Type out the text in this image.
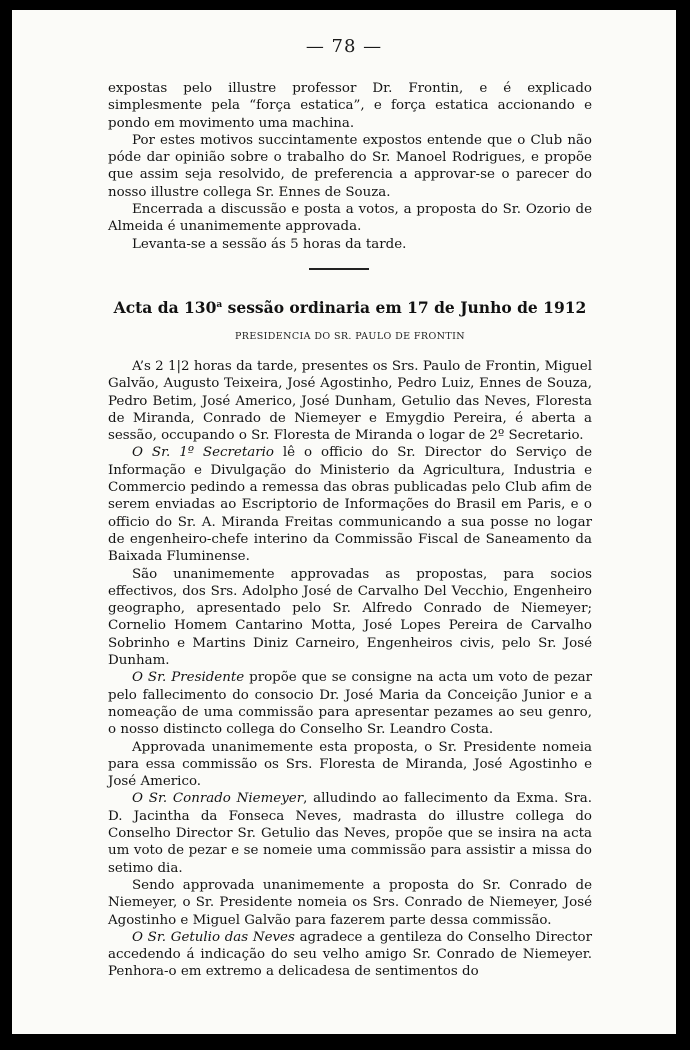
— 78 —

expostas pelo illustre professor Dr. Frontin, e é explicado simplesmente pela “força estatica”, e força estatica accionando e pondo em movimento uma machina.

Por estes motivos succintamente expostos entende que o Club não póde dar opinião sobre o trabalho do Sr. Manoel Rodrigues, e propõe que assim seja resolvido, de preferencia a approvar-se o parecer do nosso illustre collega Sr. Ennes de Souza.

Encerrada a discussão e posta a votos, a proposta do Sr. Ozorio de Almeida é unanimemente approvada.

Levanta-se a sessão ás 5 horas da tarde.

Acta da 130$^a$ sessão ordinaria em 17 de Junho de 1912
PRESIDENCIA DO SR. PAULO DE FRONTIN

A’s 2 1|2 horas da tarde, presentes os Srs. Paulo de Frontin, Miguel Galvão, Augusto Teixeira, José Agostinho, Pedro Luiz, Ennes de Souza, Pedro Betim, José Americo, José Dunham, Getulio das Neves, Floresta de Miranda, Conrado de Niemeyer e Emygdio Pereira, é aberta a sessão, occupando o Sr. Floresta de Miranda o logar de 2º Secretario.

O Sr. 1º Secretario lê o officio do Sr. Director do Serviço de Informação e Divulgação do Ministerio da Agricultura, Industria e Commercio pedindo a remessa das obras publicadas pelo Club afim de serem enviadas ao Escriptorio de Informações do Brasil em Paris, e o officio do Sr. A. Miranda Freitas communicando a sua posse no logar de engenheiro-chefe interino da Commissão Fiscal de Saneamento da Baixada Fluminense.

São unanimemente approvadas as propostas, para socios effectivos, dos Srs. Adolpho José de Carvalho Del Vecchio, Engenheiro geographo, apresentado pelo Sr. Alfredo Conrado de Niemeyer; Cornelio Homem Cantarino Motta, José Lopes Pereira de Carvalho Sobrinho e Martins Diniz Carneiro, Engenheiros civis, pelo Sr. José Dunham.

O Sr. Presidente propõe que se consigne na acta um voto de pezar pelo fallecimento do consocio Dr. José Maria da Conceição Junior e a nomeação de uma commissão para apresentar pezames ao seu genro, o nosso distincto collega do Conselho Sr. Leandro Costa.

Approvada unanimemente esta proposta, o Sr. Presidente nomeia para essa commissão os Srs. Floresta de Miranda, José Agostinho e José Americo.

O Sr. Conrado Niemeyer, alludindo ao fallecimento da Exma. Sra. D. Jacintha da Fonseca Neves, madrasta do illustre collega do Conselho Director Sr. Getulio das Neves, propõe que se insira na acta um voto de pezar e se nomeie uma commissão para assistir a missa do setimo dia.

Sendo approvada unanimemente a proposta do Sr. Conrado de Niemeyer, o Sr. Presidente nomeia os Srs. Conrado de Niemeyer, José Agostinho e Miguel Galvão para fazerem parte dessa commissão.

O Sr. Getulio das Neves agradece a gentileza do Conselho Director accedendo á indicação do seu velho amigo Sr. Conrado de Niemeyer. Penhora-o em extremo a delicadesa de sentimentos do
